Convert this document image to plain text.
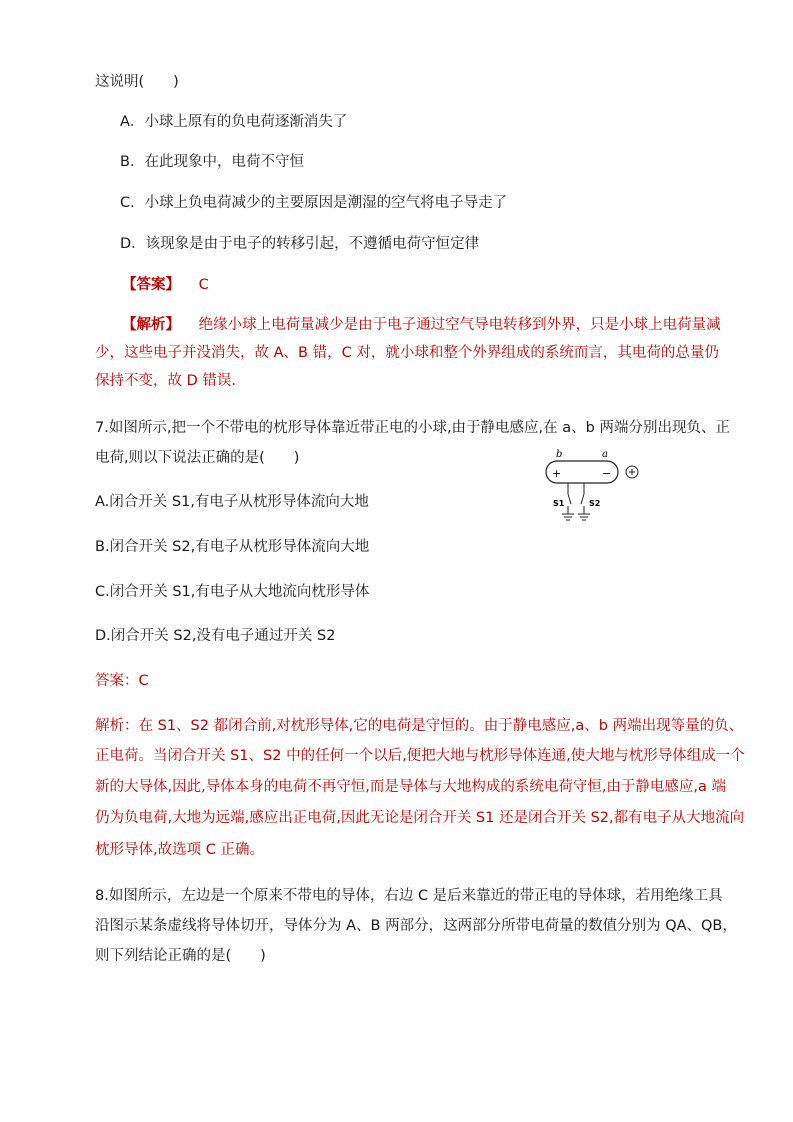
这说明(　　)
A．小球上原有的负电荷逐渐消失了
B．在此现象中，电荷不守恒
C．小球上负电荷减少的主要原因是潮湿的空气将电子导走了
D．该现象是由于电子的转移引起，不遵循电荷守恒定律
【答案】 C
【解析】 绝缘小球上电荷量减少是由于电子通过空气导电转移到外界，只是小球上电荷量减
少，这些电子并没消失，故 A、B 错，C 对，就小球和整个外界组成的系统而言，其电荷的总量仍
保持不变，故 D 错误．
7.如图所示,把一个不带电的枕形导体靠近带正电的小球,由于静电感应,在 a、b 两端分别出现负、正
电荷,则以下说法正确的是(　　)	b	a
+	−
S1	S2
A.闭合开关 S1,有电子从枕形导体流向大地
B.闭合开关 S2,有电子从枕形导体流向大地
C.闭合开关 S1,有电子从大地流向枕形导体
D.闭合开关 S2,没有电子通过开关 S2
答案：C
解析：在 S1、S2 都闭合前,对枕形导体,它的电荷是守恒的。由于静电感应,a、b 两端出现等量的负、
正电荷。当闭合开关 S1、S2 中的任何一个以后,便把大地与枕形导体连通,使大地与枕形导体组成一个
新的大导体,因此,导体本身的电荷不再守恒,而是导体与大地构成的系统电荷守恒,由于静电感应,a 端
仍为负电荷,大地为远端,感应出正电荷,因此无论是闭合开关 S1 还是闭合开关 S2,都有电子从大地流向
枕形导体,故选项 C 正确。
8.如图所示，左边是一个原来不带电的导体，右边 C 是后来靠近的带正电的导体球，若用绝缘工具
沿图示某条虚线将导体切开，导体分为 A、B 两部分，这两部分所带电荷量的数值分别为 QA、QB，
则下列结论正确的是(　　)
